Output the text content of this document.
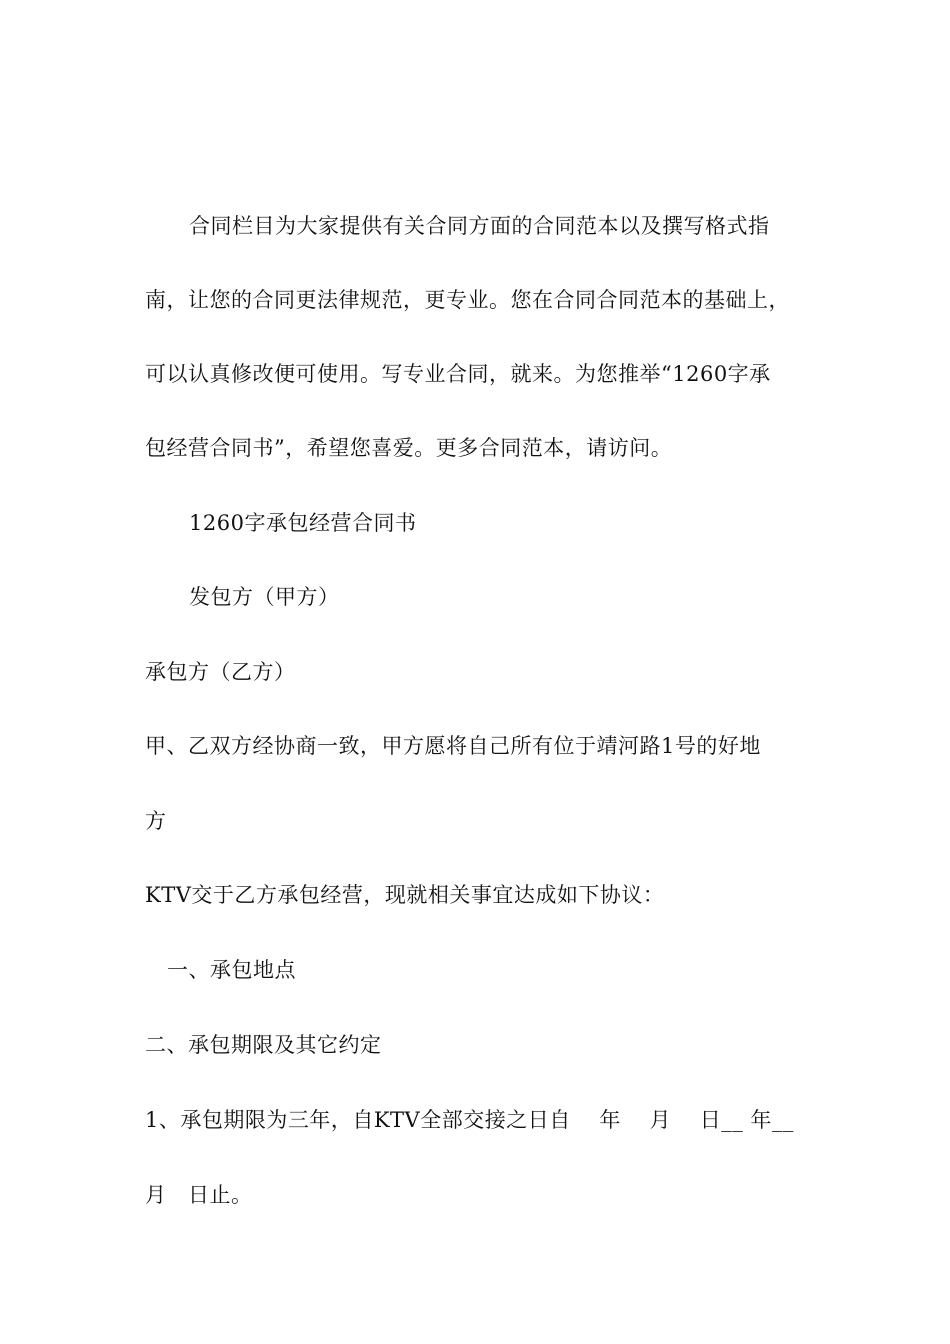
合同栏目为大家提供有关合同方面的合同范本以及撰写格式指
南，让您的合同更法律规范，更专业。您在合同合同范本的基础上，
可以认真修改便可使用。写专业合同，就来。为您推举“1260字承
包经营合同书”，希望您喜爱。更多合同范本，请访问。
1260字承包经营合同书
发包方（甲方）
承包方（乙方）
甲、乙双方经协商一致，甲方愿将自己所有位于靖河路1号的好地
方
KTV交于乙方承包经营，现就相关事宜达成如下协议：
一、承包地点
二、承包期限及其它约定
1、承包期限为三年，自KTV全部交接之日自　 年　 月　 日__ 年__
月　日止。
